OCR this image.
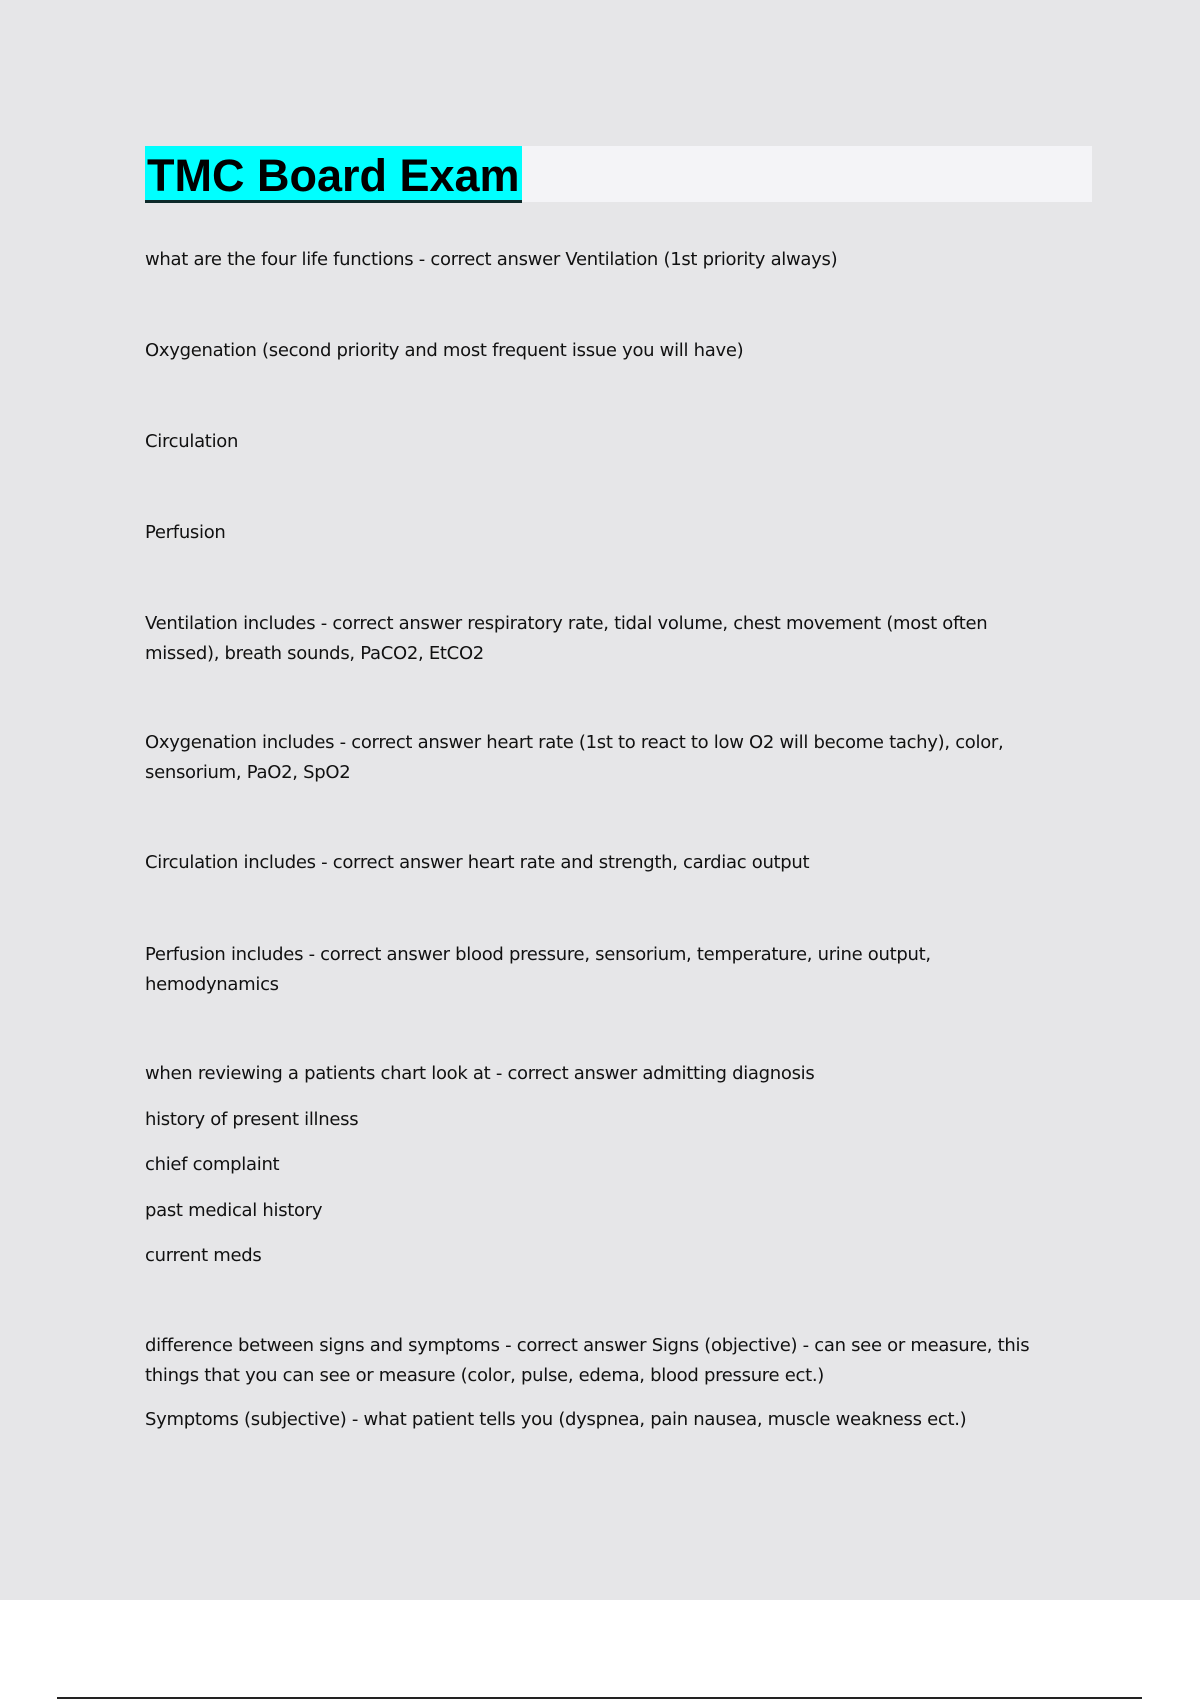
TMC Board Exam

what are the four life functions - correct answer Ventilation (1st priority always)

Oxygenation (second priority and most frequent issue you will have)

Circulation

Perfusion

Ventilation includes - correct answer respiratory rate, tidal volume, chest movement (most often missed), breath sounds, PaCO2, EtCO2

Oxygenation includes - correct answer heart rate (1st to react to low O2 will become tachy), color, sensorium, PaO2, SpO2

Circulation includes - correct answer heart rate and strength, cardiac output

Perfusion includes - correct answer blood pressure, sensorium, temperature, urine output, hemodynamics

when reviewing a patients chart look at - correct answer admitting diagnosis

history of present illness

chief complaint

past medical history

current meds

difference between signs and symptoms - correct answer Signs (objective) - can see or measure, this things that you can see or measure (color, pulse, edema, blood pressure ect.)

Symptoms (subjective) - what patient tells you (dyspnea, pain nausea, muscle weakness ect.)
